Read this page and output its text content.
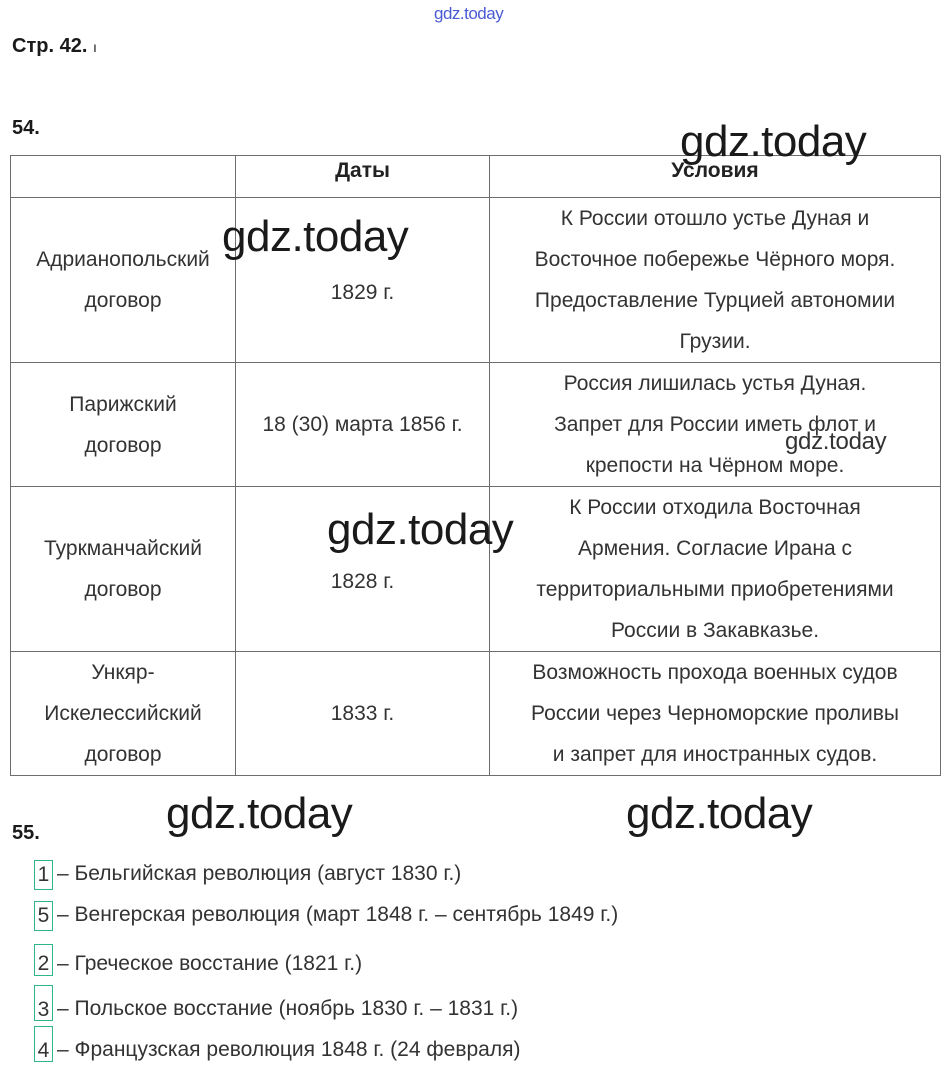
gdz.today
Стр. 42. ı
54.
	Даты	Условия
Адрианопольский договор	1829 г.	К России отошло устье Дуная и
Восточное побережье Чёрного моря.
Предоставление Турцией автономии
Грузии.

Парижский договор	18 (30) марта 1856 г.	Россия лишилась устья Дуная.
Запрет для России иметь флот и
крепости на Чёрном море.

Туркманчайский договор	1828 г.	К России отходила Восточная
Армения. Согласие Ирана с
территориальными приобретениями
России в Закавказье.

Ункяр-Искелессийский договор	1833 г.	Возможность прохода военных судов
России через Черноморские проливы
и запрет для иностранных судов.
55.
1 – Бельгийская революция (август 1830 г.)
5 – Венгерская революция (март 1848 г. – сентябрь 1849 г.)
2 – Греческое восстание (1821 г.)
3 – Польское восстание (ноябрь 1830 г. – 1831 г.)
4 – Французская революция 1848 г. (24 февраля)
gdz.today
gdz.today
gdz.today
gdz.today
gdz.today	gdz.today
